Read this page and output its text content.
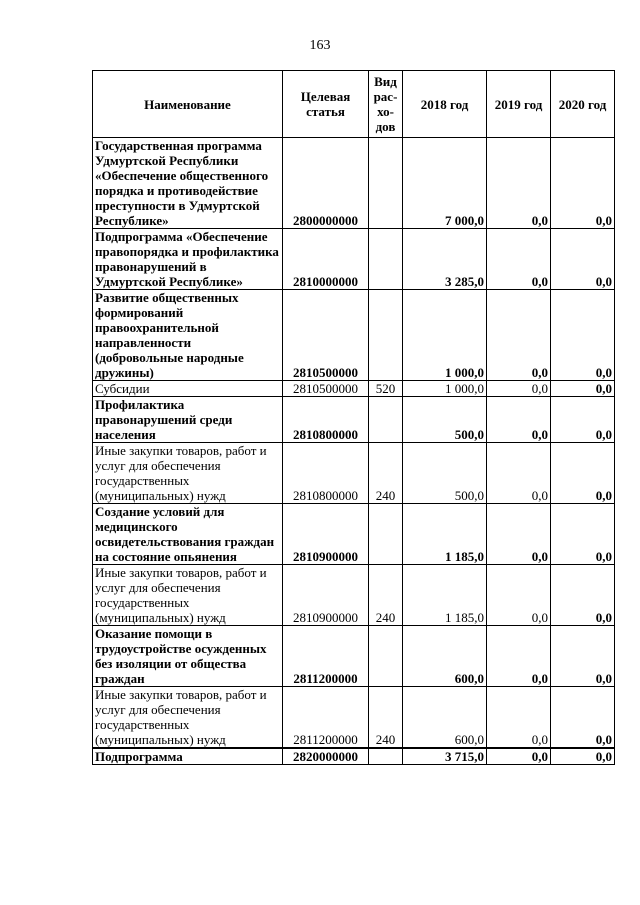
163
Наименование	Целевая статья	Вид рас-хо-дов	2018 год	2019 год	2020 год
Государственная программа Удмуртской Республики «Обеспечение общественного порядка и противодействие преступности в Удмуртской Республике»	2800000000		7 000,0	0,0	0,0
Подпрограмма «Обеспечение правопорядка и профилактика правонарушений в Удмуртской Республике»	2810000000		3 285,0	0,0	0,0
Развитие общественных формирований правоохранительной направленности (добровольные народные дружины)	2810500000		1 000,0	0,0	0,0
Субсидии	2810500000	520	1 000,0	0,0	0,0
Профилактика правонарушений среди населения	2810800000		500,0	0,0	0,0
Иные закупки товаров, работ и услуг для обеспечения государственных (муниципальных) нужд	2810800000	240	500,0	0,0	0,0
Создание условий для медицинского освидетельствования граждан на состояние опьянения	2810900000		1 185,0	0,0	0,0
Иные закупки товаров, работ и услуг для обеспечения государственных (муниципальных) нужд	2810900000	240	1 185,0	0,0	0,0
Оказание помощи в трудоустройстве осужденных без изоляции от общества граждан	2811200000		600,0	0,0	0,0
Иные закупки товаров, работ и услуг для обеспечения государственных (муниципальных) нужд	2811200000	240	600,0	0,0	0,0
Подпрограмма	2820000000		3 715,0	0,0	0,0
